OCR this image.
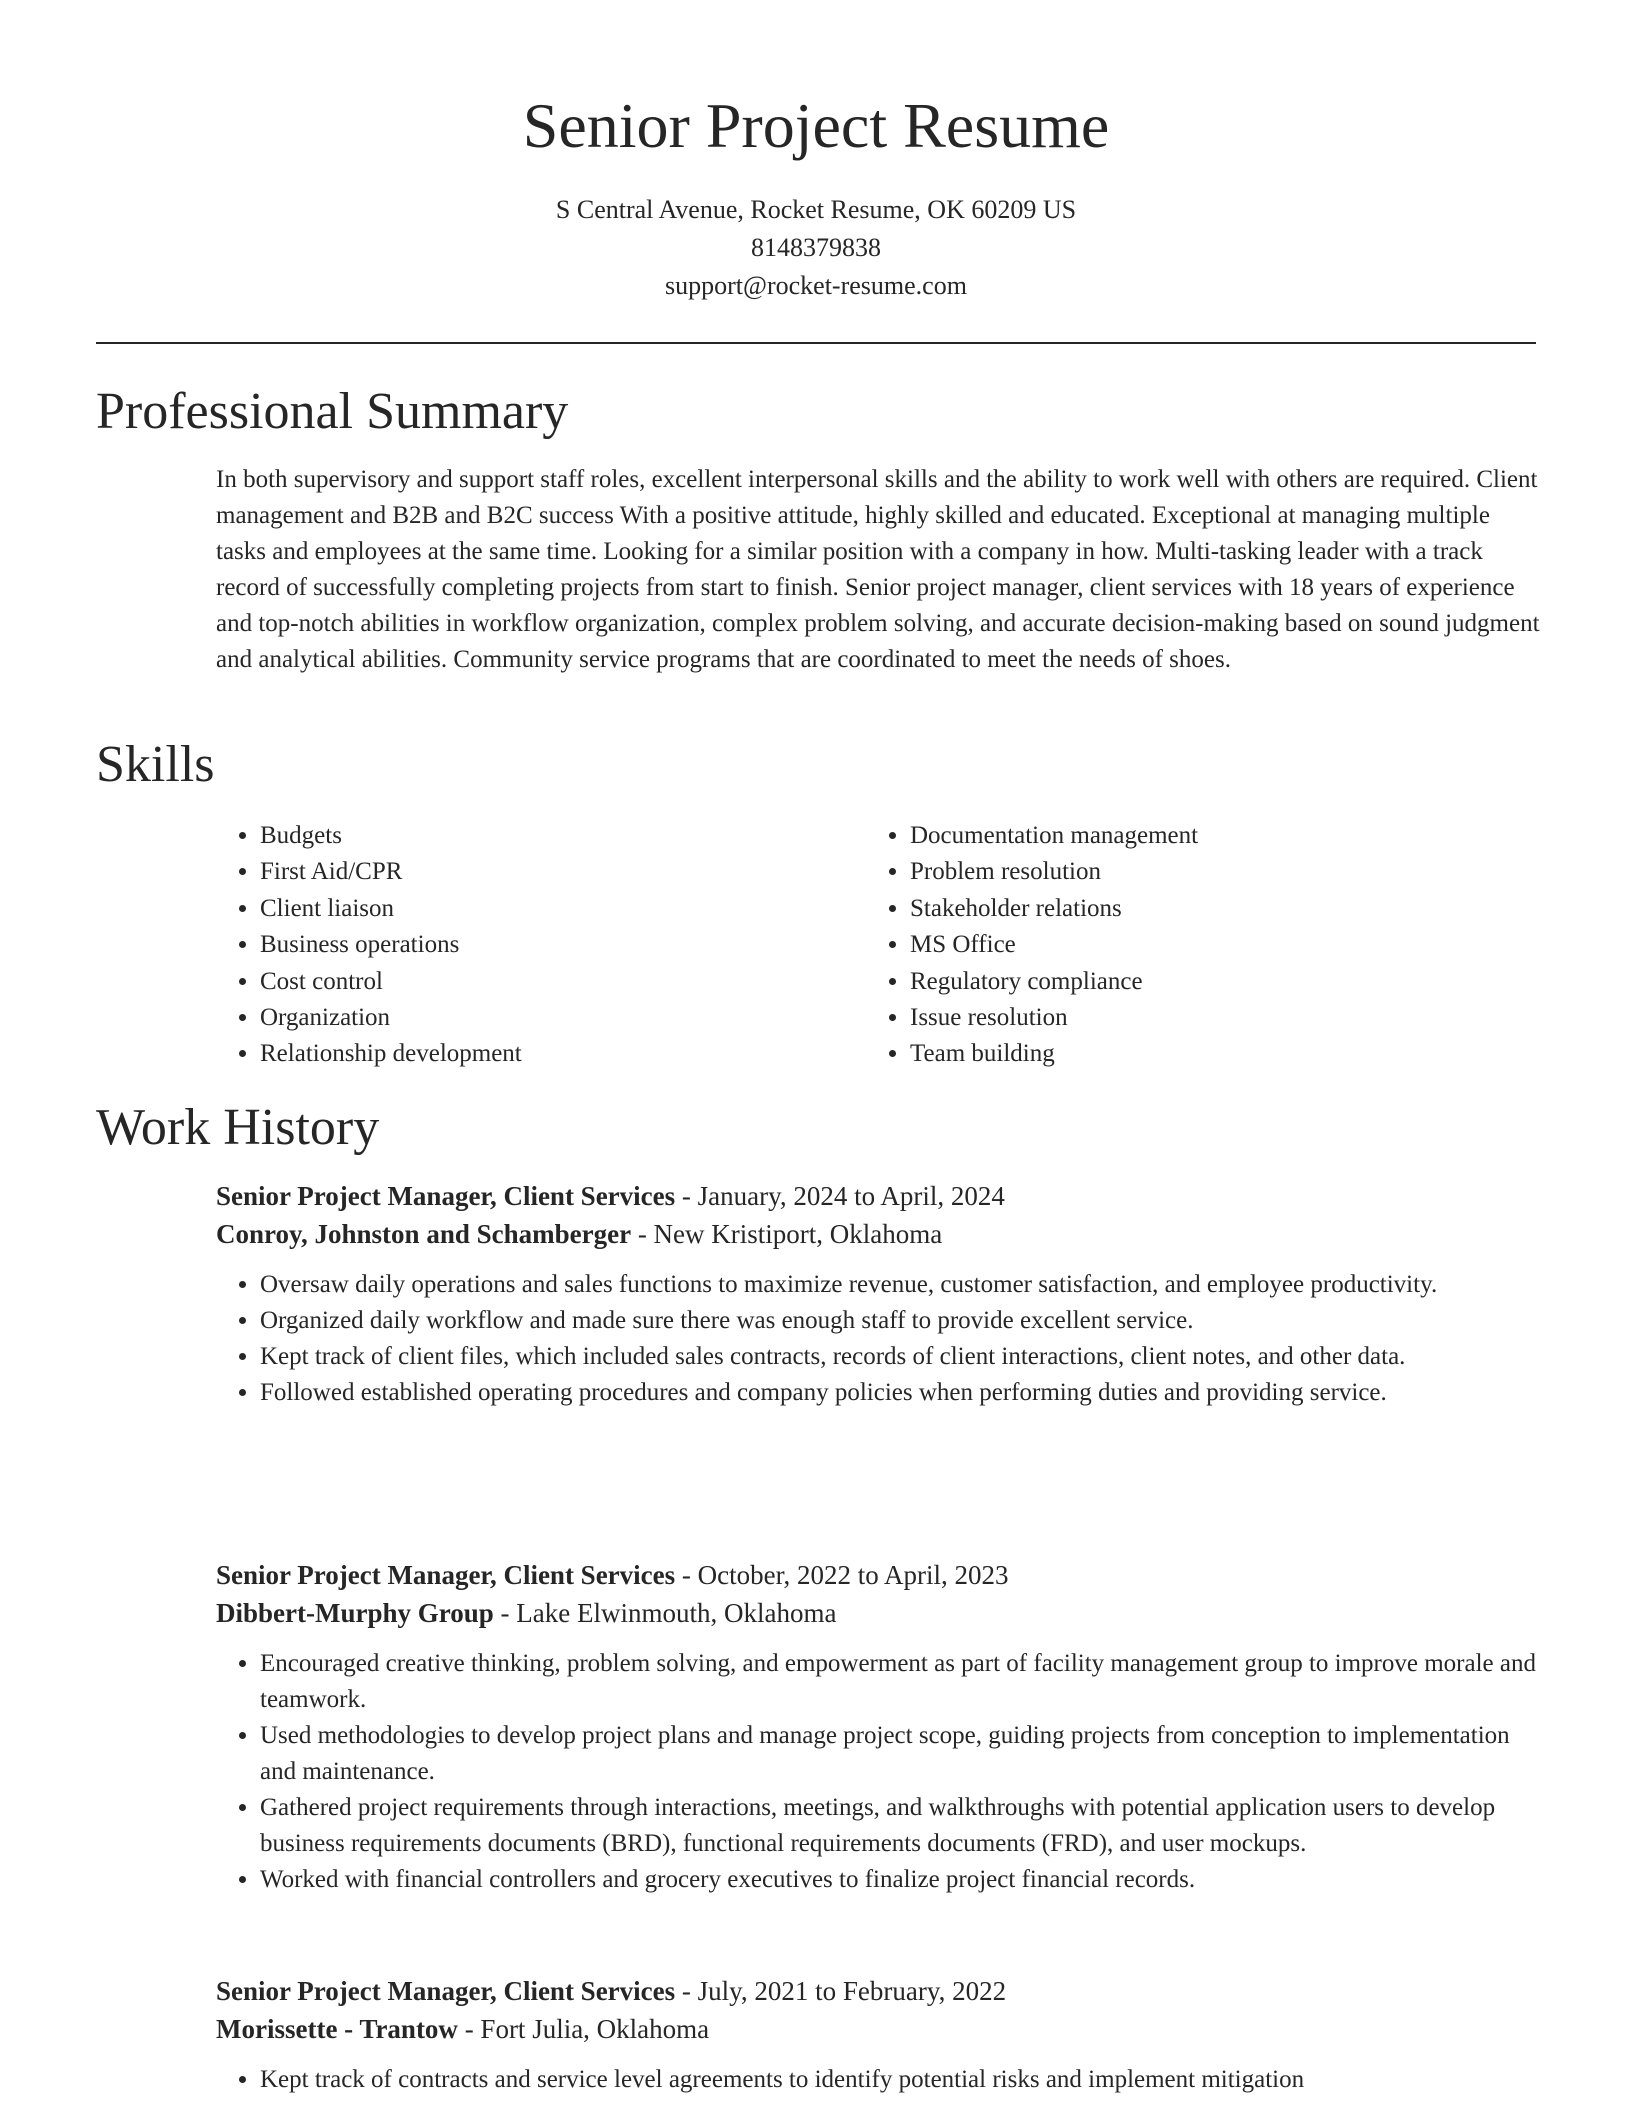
Senior Project Resume
S Central Avenue, Rocket Resume, OK 60209 US
8148379838
support@rocket-resume.com
Professional Summary

In both supervisory and support staff roles, excellent interpersonal skills and the ability to work well with others are required. Client management and B2B and B2C success With a positive attitude, highly skilled and educated. Exceptional at managing multiple tasks and employees at the same time. Looking for a similar position with a company in how. Multi-tasking leader with a track record of successfully completing projects from start to finish. Senior project manager, client services with 18 years of experience and top-notch abilities in workflow organization, complex problem solving, and accurate decision-making based on sound judgment and analytical abilities. Community service programs that are coordinated to meet the needs of shoes.

Skills
• Budgets
• First Aid/CPR
• Client liaison
• Business operations
• Cost control
• Organization
• Relationship development
• Documentation management
• Problem resolution
• Stakeholder relations
• MS Office
• Regulatory compliance
• Issue resolution
• Team building
Work History
Senior Project Manager, Client Services - January, 2024 to April, 2024
Conroy, Johnston and Schamberger - New Kristiport, Oklahoma
• Oversaw daily operations and sales functions to maximize revenue, customer satisfaction, and employee productivity.
• Organized daily workflow and made sure there was enough staff to provide excellent service.
• Kept track of client files, which included sales contracts, records of client interactions, client notes, and other data.
• Followed established operating procedures and company policies when performing duties and providing service.
Senior Project Manager, Client Services - October, 2022 to April, 2023
Dibbert-Murphy Group - Lake Elwinmouth, Oklahoma
• Encouraged creative thinking, problem solving, and empowerment as part of facility management group to improve morale and teamwork.
• Used methodologies to develop project plans and manage project scope, guiding projects from conception to implementation and maintenance.
• Gathered project requirements through interactions, meetings, and walkthroughs with potential application users to develop business requirements documents (BRD), functional requirements documents (FRD), and user mockups.
• Worked with financial controllers and grocery executives to finalize project financial records.
Senior Project Manager, Client Services - July, 2021 to February, 2022
Morissette - Trantow - Fort Julia, Oklahoma
• Kept track of contracts and service level agreements to identify potential risks and implement mitigation
